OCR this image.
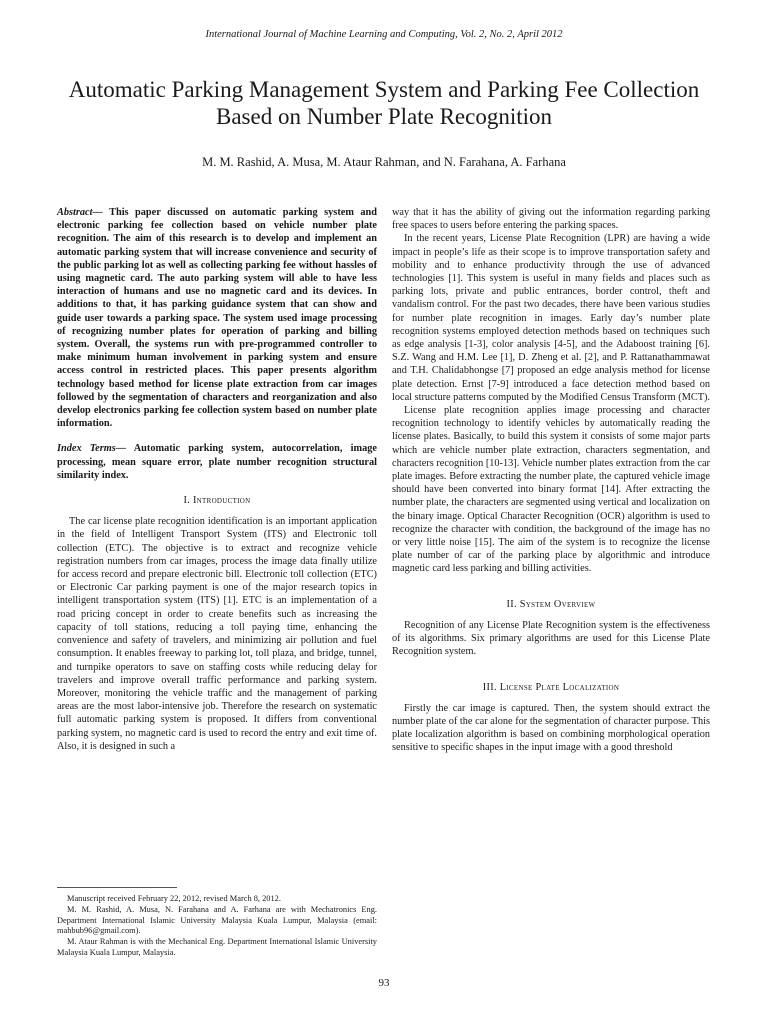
International Journal of Machine Learning and Computing, Vol. 2, No. 2, April 2012
Automatic Parking Management System and Parking Fee Collection Based on Number Plate Recognition
M. M. Rashid, A. Musa, M. Ataur Rahman, and N. Farahana, A. Farhana

Abstract— This paper discussed on automatic parking system and electronic parking fee collection based on vehicle number plate recognition. The aim of this research is to develop and implement an automatic parking system that will increase convenience and security of the public parking lot as well as collecting parking fee without hassles of using magnetic card. The auto parking system will able to have less interaction of humans and use no magnetic card and its devices. In additions to that, it has parking guidance system that can show and guide user towards a parking space. The system used image processing of recognizing number plates for operation of parking and billing system. Overall, the systems run with pre-programmed controller to make minimum human involvement in parking system and ensure access control in restricted places. This paper presents algorithm technology based method for license plate extraction from car images followed by the segmentation of characters and reorganization and also develop electronics parking fee collection system based on number plate information.

Index Terms— Automatic parking system, autocorrelation, image processing, mean square error, plate number recognition structural similarity index.

I. Introduction

The car license plate recognition identification is an important application in the field of Intelligent Transport System (ITS) and Electronic toll collection (ETC). The objective is to extract and recognize vehicle registration numbers from car images, process the image data finally utilize for access record and prepare electronic bill. Electronic toll collection (ETC) or Electronic Car parking payment is one of the major research topics in intelligent transportation system (ITS) [1]. ETC is an implementation of a road pricing concept in order to create benefits such as increasing the capacity of toll stations, reducing a toll paying time, enhancing the convenience and safety of travelers, and minimizing air pollution and fuel consumption. It enables freeway to parking lot, toll plaza, and bridge, tunnel, and turnpike operators to save on staffing costs while reducing delay for travelers and improve overall traffic performance and parking system. Moreover, monitoring the vehicle traffic and the management of parking areas are the most labor-intensive job. Therefore the research on systematic full automatic parking system is proposed. It differs from conventional parking system, no magnetic card is used to record the entry and exit time of. Also, it is designed in such a

Manuscript received February 22, 2012, revised March 8, 2012.

M. M. Rashid, A. Musa, N. Farahana and A. Farhana are with Mechatronics Eng. Department International Islamic University Malaysia Kuala Lumpur, Malaysia (email: mahbub96@gmail.com).

M. Ataur Rahman is with the Mechanical Eng. Department International Islamic University Malaysia Kuala Lumpur, Malaysia.

way that it has the ability of giving out the information regarding parking free spaces to users before entering the parking spaces.

In the recent years, License Plate Recognition (LPR) are having a wide impact in people’s life as their scope is to improve transportation safety and mobility and to enhance productivity through the use of advanced technologies [1]. This system is useful in many fields and places such as parking lots, private and public entrances, border control, theft and vandalism control. For the past two decades, there have been various studies for number plate recognition in images. Early day’s number plate recognition systems employed detection methods based on techniques such as edge analysis [1-3], color analysis [4-5], and the Adaboost training [6]. S.Z. Wang and H.M. Lee [1], D. Zheng et al. [2], and P. Rattanathammawat and T.H. Chalidabhongse [7] proposed an edge analysis method for license plate detection. Ernst [7-9] introduced a face detection method based on local structure patterns computed by the Modified Census Transform (MCT).

License plate recognition applies image processing and character recognition technology to identify vehicles by automatically reading the license plates. Basically, to build this system it consists of some major parts which are vehicle number plate extraction, characters segmentation, and characters recognition [10-13]. Vehicle number plates extraction from the car plate images. Before extracting the number plate, the captured vehicle image should have been converted into binary format [14]. After extracting the number plate, the characters are segmented using vertical and localization on the binary image. Optical Character Recognition (OCR) algorithm is used to recognize the character with condition, the background of the image has no or very little noise [15]. The aim of the system is to recognize the license plate number of car of the parking place by algorithmic and introduce magnetic card less parking and billing activities.

II. System Overview

Recognition of any License Plate Recognition system is the effectiveness of its algorithms. Six primary algorithms are used for this License Plate Recognition system.

III. License Plate Localization

Firstly the car image is captured. Then, the system should extract the number plate of the car alone for the segmentation of character purpose. This plate localization algorithm is based on combining morphological operation sensitive to specific shapes in the input image with a good threshold

93
